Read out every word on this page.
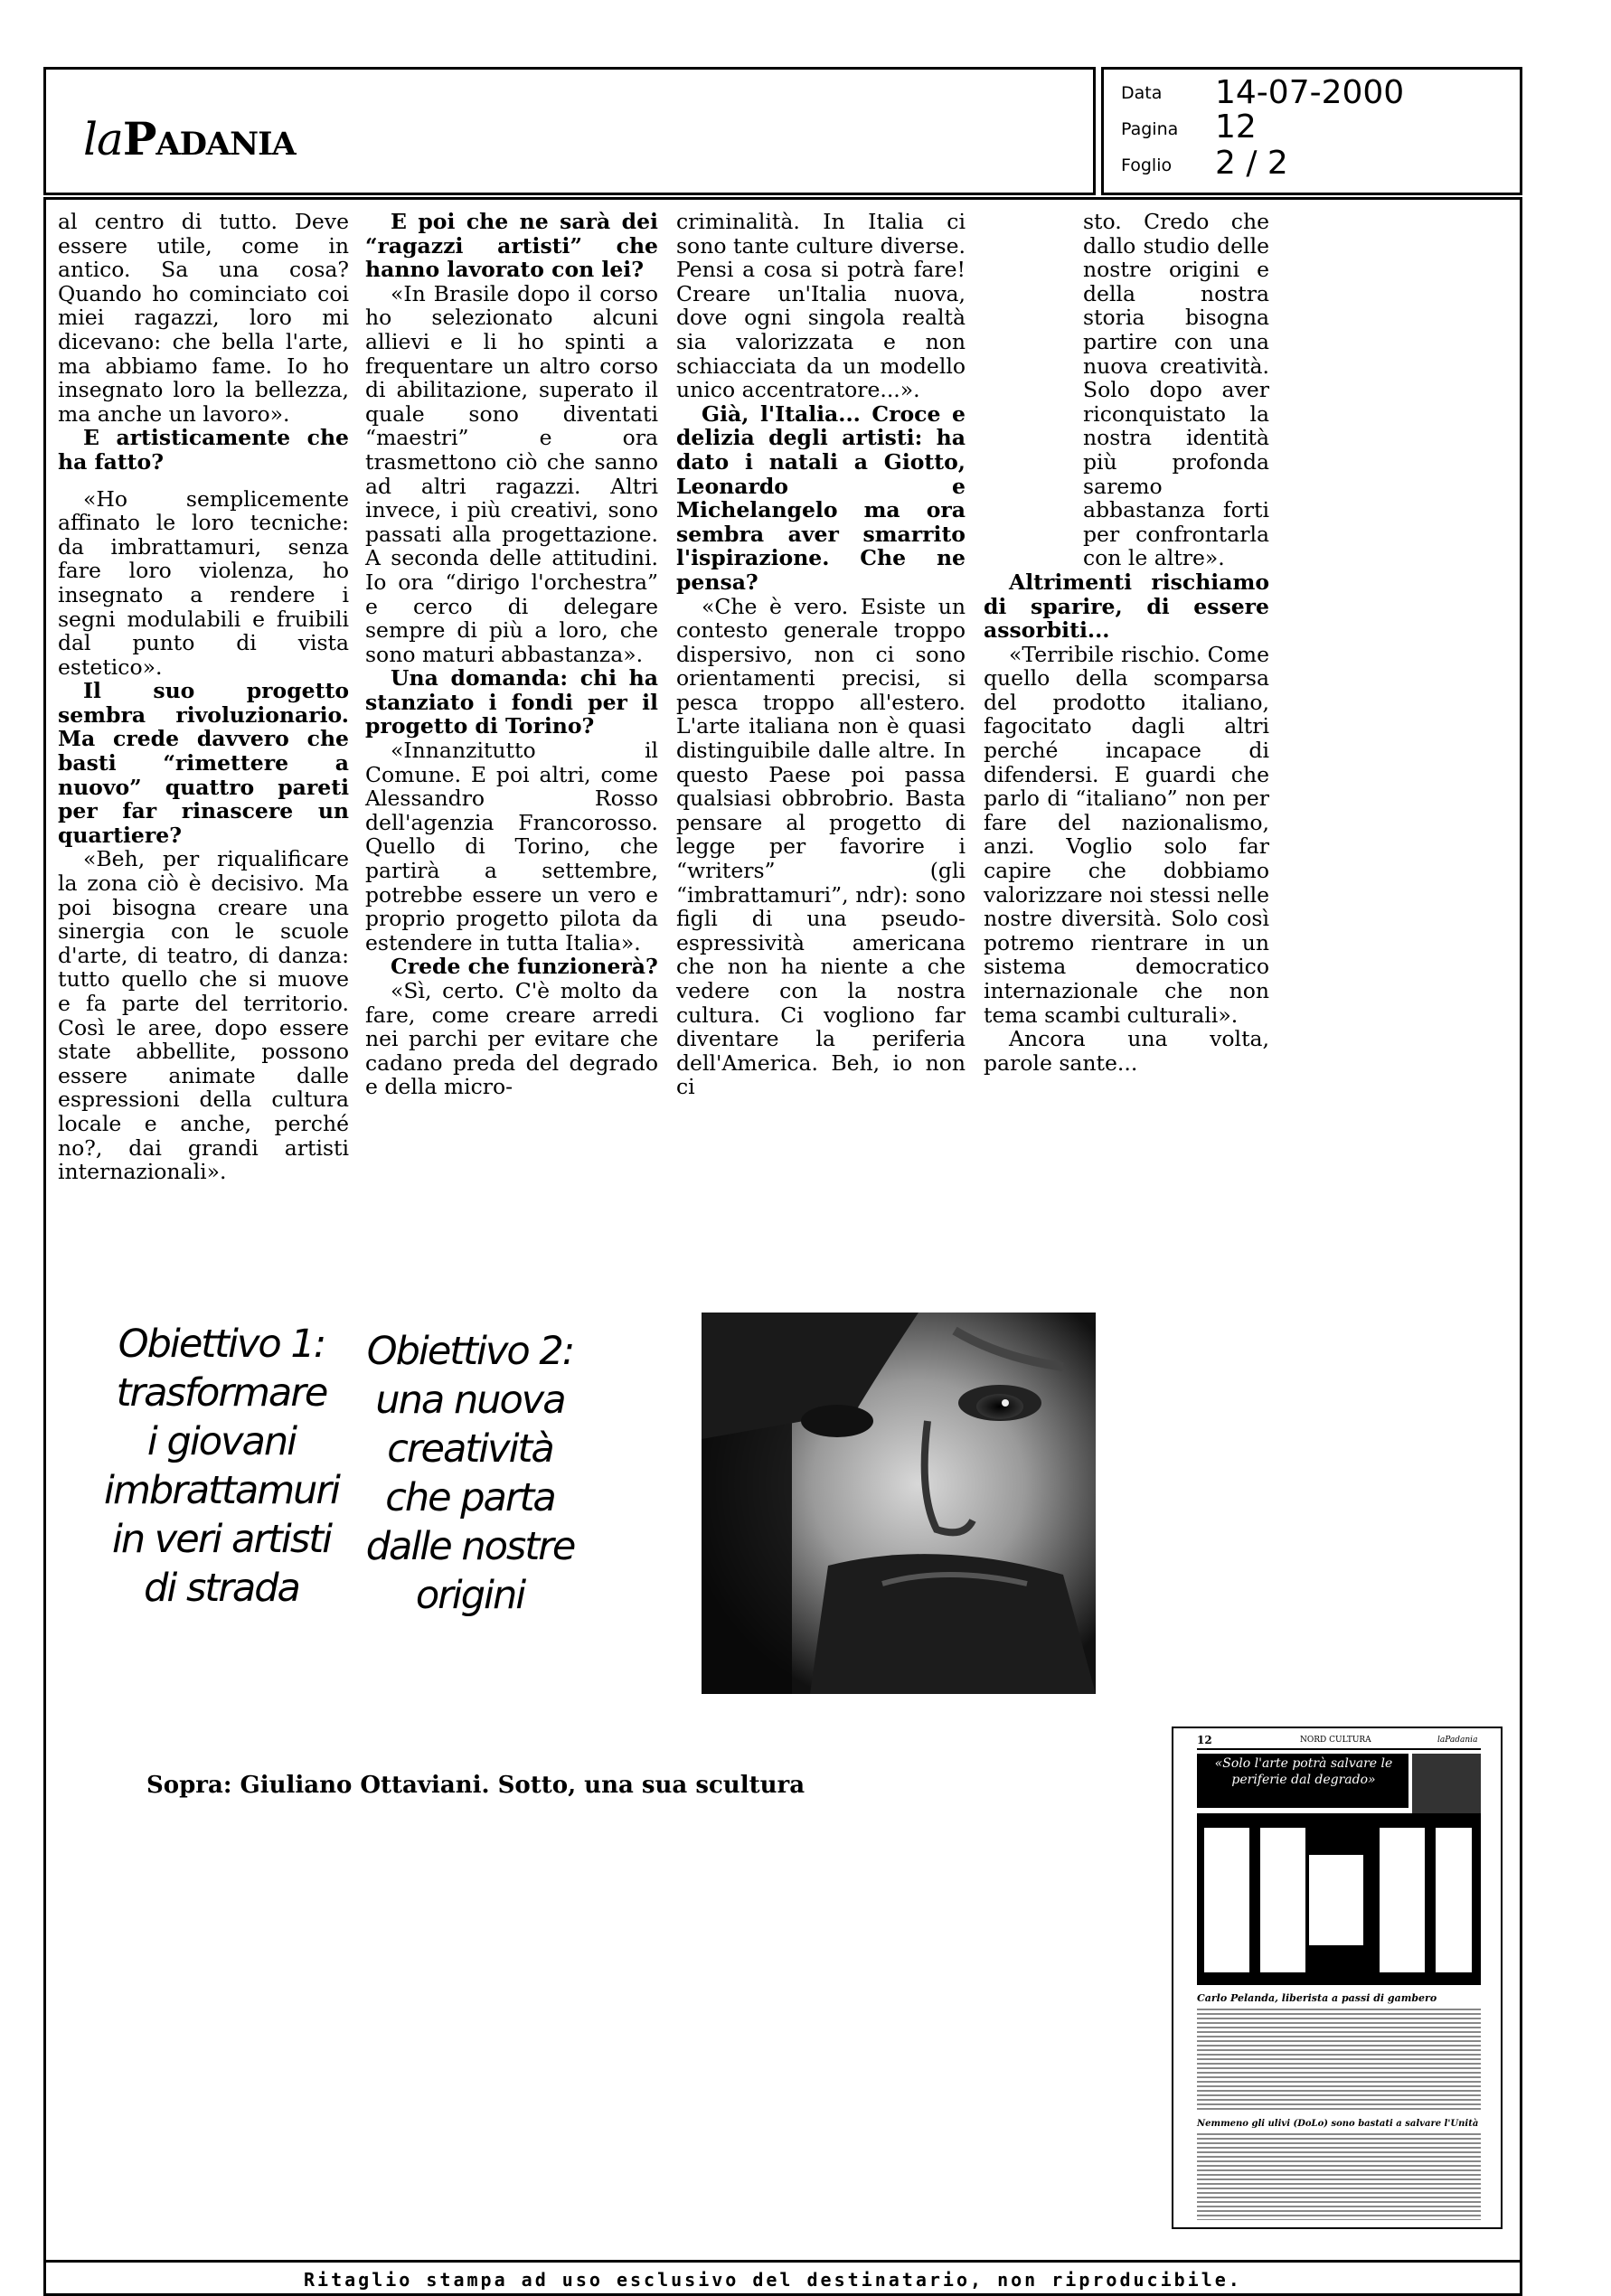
laPadania
Data 14-07-2000
Pagina 12
Foglio 2 / 2

al centro di tutto. Deve essere utile, come in antico. Sa una cosa? Quando ho cominciato coi miei ragazzi, loro mi dicevano: che bella l'arte, ma abbiamo fame. Io ho insegnato loro la bellezza, ma anche un lavoro».

E artisticamente che ha fatto?

«Ho semplicemente affinato le loro tecniche: da imbrattamuri, senza fare loro violenza, ho insegnato a rendere i segni modulabili e fruibili dal punto di vista estetico».

Il suo progetto sembra rivoluzionario. Ma crede davvero che basti “rimettere a nuovo” quattro pareti per far rinascere un quartiere?

«Beh, per riqualificare la zona ciò è decisivo. Ma poi bisogna creare una sinergia con le scuole d'arte, di teatro, di danza: tutto quello che si muove e fa parte del territorio. Così le aree, dopo essere state abbellite, possono essere animate dalle espressioni della cultura locale e anche, perché no?, dai grandi artisti internazionali».

E poi che ne sarà dei “ragazzi artisti” che hanno lavorato con lei?

«In Brasile dopo il corso ho selezionato alcuni allievi e li ho spinti a frequentare un altro corso di abilitazione, superato il quale sono diventati “maestri” e ora trasmettono ciò che sanno ad altri ragazzi. Altri invece, i più creativi, sono passati alla progettazione. A seconda delle attitudini. Io ora “dirigo l'orchestra” e cerco di delegare sempre di più a loro, che sono maturi abbastanza».

Una domanda: chi ha stanziato i fondi per il progetto di Torino?

«Innanzitutto il Comune. E poi altri, come Alessandro Rosso dell'agenzia Francorosso. Quello di Torino, che partirà a settembre, potrebbe essere un vero e proprio progetto pilota da estendere in tutta Italia».

Crede che funzionerà?

«Sì, certo. C'è molto da fare, come creare arredi nei parchi per evitare che cadano preda del degrado e della micro-

criminalità. In Italia ci sono tante culture diverse. Pensi a cosa si potrà fare! Creare un'Italia nuova, dove ogni singola realtà sia valorizzata e non schiacciata da un modello unico accentratore...».

Già, l'Italia... Croce e delizia degli artisti: ha dato i natali a Giotto, Leonardo e Michelangelo ma ora sembra aver smarrito l'ispirazione. Che ne pensa?

«Che è vero. Esiste un contesto generale troppo dispersivo, non ci sono orientamenti precisi, si pesca troppo all'estero. L'arte italiana non è quasi distinguibile dalle altre. In questo Paese poi passa qualsiasi obbrobrio. Basta pensare al progetto di legge per favorire i “writers” (gli “imbrattamuri”, ndr): sono figli di una pseudo-espressività americana che non ha niente a che vedere con la nostra cultura. Ci vogliono far diventare la periferia dell'America. Beh, io non ci

sto. Credo che dallo studio delle nostre origini e della nostra storia bisogna partire con una nuova creatività. Solo dopo aver riconquistato la nostra identità più profonda saremo abbastanza forti per confrontarla con le altre».

Altrimenti rischiamo di sparire, di essere assorbiti...

«Terribile rischio. Come quello della scomparsa del prodotto italiano, fagocitato dagli altri perché incapace di difendersi. E guardi che parlo di “italiano” non per fare del nazionalismo, anzi. Voglio solo far capire che dobbiamo valorizzare noi stessi nelle nostre diversità. Solo così potremo rientrare in un sistema democratico internazionale che non tema scambi culturali».

Ancora una volta, parole sante...

Obiettivo 1:
trasformare
i giovani
imbrattamuri
in veri artisti
di strada
Obiettivo 2:
una nuova
creatività
che parta
dalle nostre
origini
Sopra: Giuliano Ottaviani. Sotto, una sua scultura
12	NORD CULTURA	laPadania
«Solo l'arte potrà salvare le periferie dal degrado»
Carlo Pelanda, liberista a passi di gambero
Nemmeno gli ulivi (DoLo) sono bastati a salvare l'Unità
Ritaglio stampa ad uso esclusivo del destinatario, non riproducibile.
